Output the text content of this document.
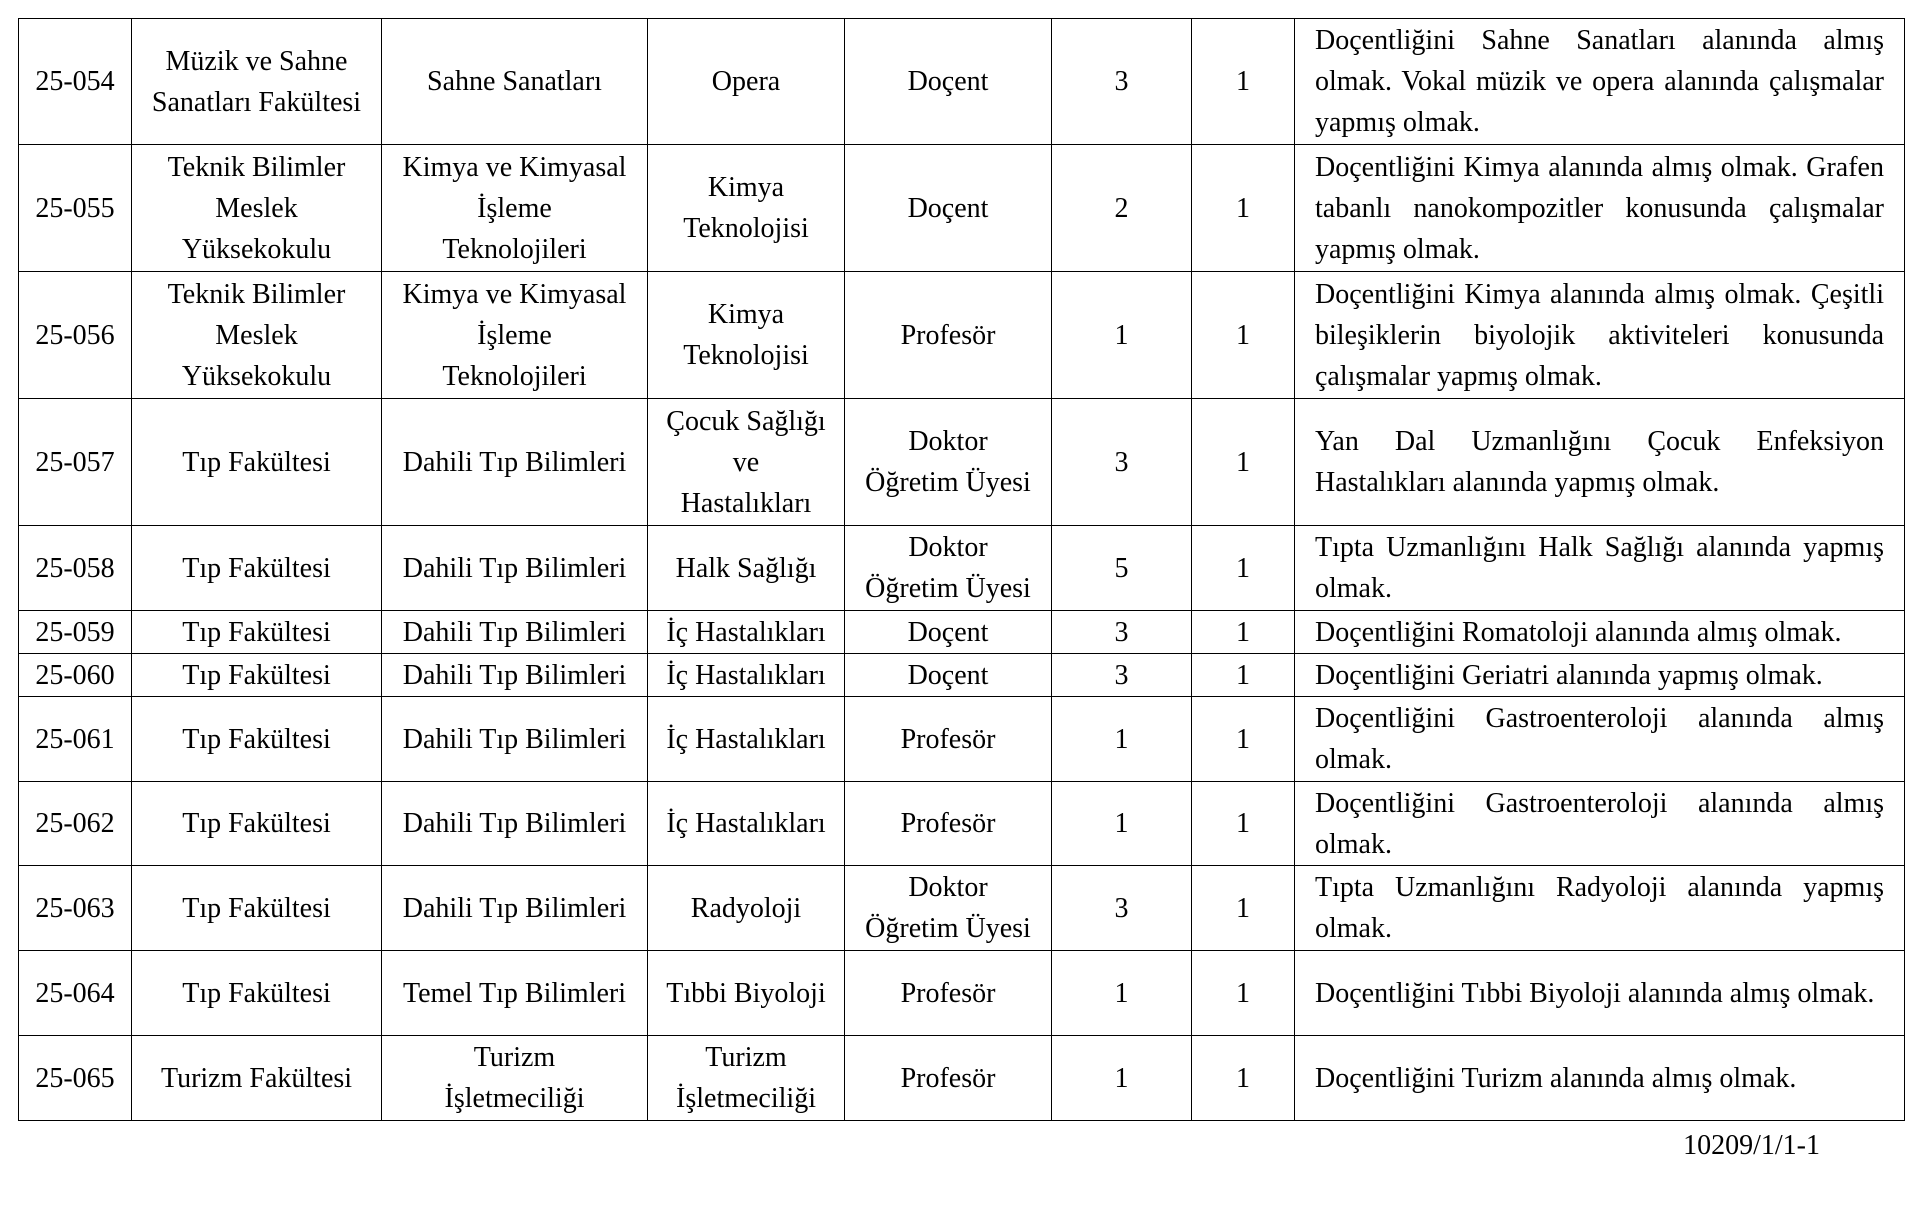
25-054	Müzik ve Sahne
Sanatları Fakültesi	Sahne Sanatları	Opera	Doçent	3	1	Doçentliğini Sahne Sanatları alanında almış olmak. Vokal müzik ve opera alanında çalışmalar yapmış olmak.

25-055	Teknik Bilimler
Meslek
Yüksekokulu	Kimya ve Kimyasal
İşleme
Teknolojileri	Kimya
Teknolojisi	Doçent	2	1	Doçentliğini Kimya alanında almış olmak. Grafen tabanlı nanokompozitler konusunda çalışmalar yapmış olmak.

25-056	Teknik Bilimler
Meslek
Yüksekokulu	Kimya ve Kimyasal
İşleme
Teknolojileri	Kimya
Teknolojisi	Profesör	1	1	Doçentliğini Kimya alanında almış olmak. Çeşitli bileşiklerin biyolojik aktiviteleri konusunda çalışmalar yapmış olmak.

25-057	Tıp Fakültesi	Dahili Tıp Bilimleri	Çocuk Sağlığı
ve
Hastalıkları	Doktor
Öğretim Üyesi	3	1	Yan Dal Uzmanlığını Çocuk Enfeksiyon Hastalıkları alanında yapmış olmak.

25-058	Tıp Fakültesi	Dahili Tıp Bilimleri	Halk Sağlığı	Doktor
Öğretim Üyesi	5	1	Tıpta Uzmanlığını Halk Sağlığı alanında yapmış olmak.

25-059	Tıp Fakültesi	Dahili Tıp Bilimleri	İç Hastalıkları	Doçent	3	1	Doçentliğini Romatoloji alanında almış olmak.

25-060	Tıp Fakültesi	Dahili Tıp Bilimleri	İç Hastalıkları	Doçent	3	1	Doçentliğini Geriatri alanında yapmış olmak.

25-061	Tıp Fakültesi	Dahili Tıp Bilimleri	İç Hastalıkları	Profesör	1	1	Doçentliğini Gastroenteroloji alanında almış olmak.

25-062	Tıp Fakültesi	Dahili Tıp Bilimleri	İç Hastalıkları	Profesör	1	1	Doçentliğini Gastroenteroloji alanında almış olmak.

25-063	Tıp Fakültesi	Dahili Tıp Bilimleri	Radyoloji	Doktor
Öğretim Üyesi	3	1	Tıpta Uzmanlığını Radyoloji alanında yapmış olmak.

25-064	Tıp Fakültesi	Temel Tıp Bilimleri	Tıbbi Biyoloji	Profesör	1	1	Doçentliğini Tıbbi Biyoloji alanında almış olmak.

25-065	Turizm Fakültesi	Turizm
İşletmeciliği	Turizm
İşletmeciliği	Profesör	1	1	Doçentliğini Turizm alanında almış olmak.
10209/1/1-1
